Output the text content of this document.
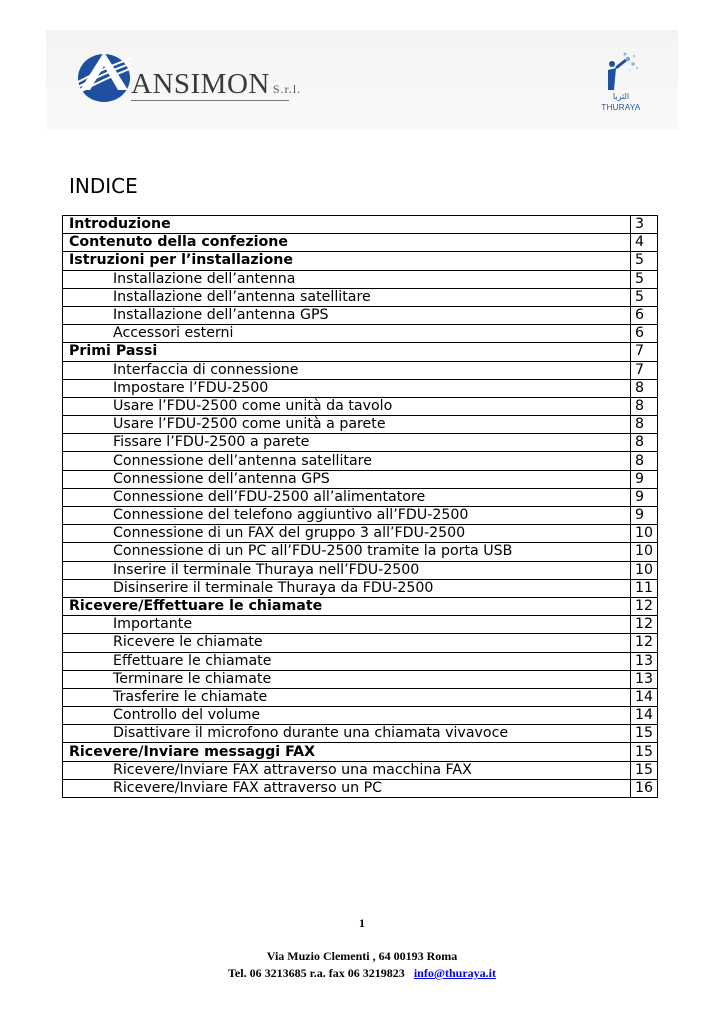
ANSIMON S.r.l.
الثريا
THURAYA
INDICE
Introduzione	3
Contenuto della confezione	4
Istruzioni per l’installazione	5
Installazione dell’antenna	5
Installazione dell’antenna satellitare	5
Installazione dell’antenna GPS	6
Accessori esterni	6
Primi Passi	7
Interfaccia di connessione	7
Impostare l’FDU-2500	8
Usare l’FDU-2500 come unità da tavolo	8
Usare l’FDU-2500 come unità a parete	8
Fissare l’FDU-2500 a parete	8
Connessione dell’antenna satellitare	8
Connessione dell’antenna GPS	9
Connessione dell’FDU-2500 all’alimentatore	9
Connessione del telefono aggiuntivo all’FDU-2500	9
Connessione di un FAX del gruppo 3 all’FDU-2500	10
Connessione di un PC all’FDU-2500 tramite la porta USB	10
Inserire il terminale Thuraya nell’FDU-2500	10
Disinserire il terminale Thuraya da FDU-2500	11
Ricevere/Effettuare le chiamate	12
Importante	12
Ricevere le chiamate	12
Effettuare le chiamate	13
Terminare le chiamate	13
Trasferire le chiamate	14
Controllo del volume	14
Disattivare il microfono durante una chiamata vivavoce	15
Ricevere/Inviare messaggi FAX	15
Ricevere/Inviare FAX attraverso una macchina FAX	15
Ricevere/Inviare FAX attraverso un PC	16
1
Via Muzio Clementi , 64 00193 Roma
Tel. 06 3213685 r.a. fax 06 3219823 info@thuraya.it
